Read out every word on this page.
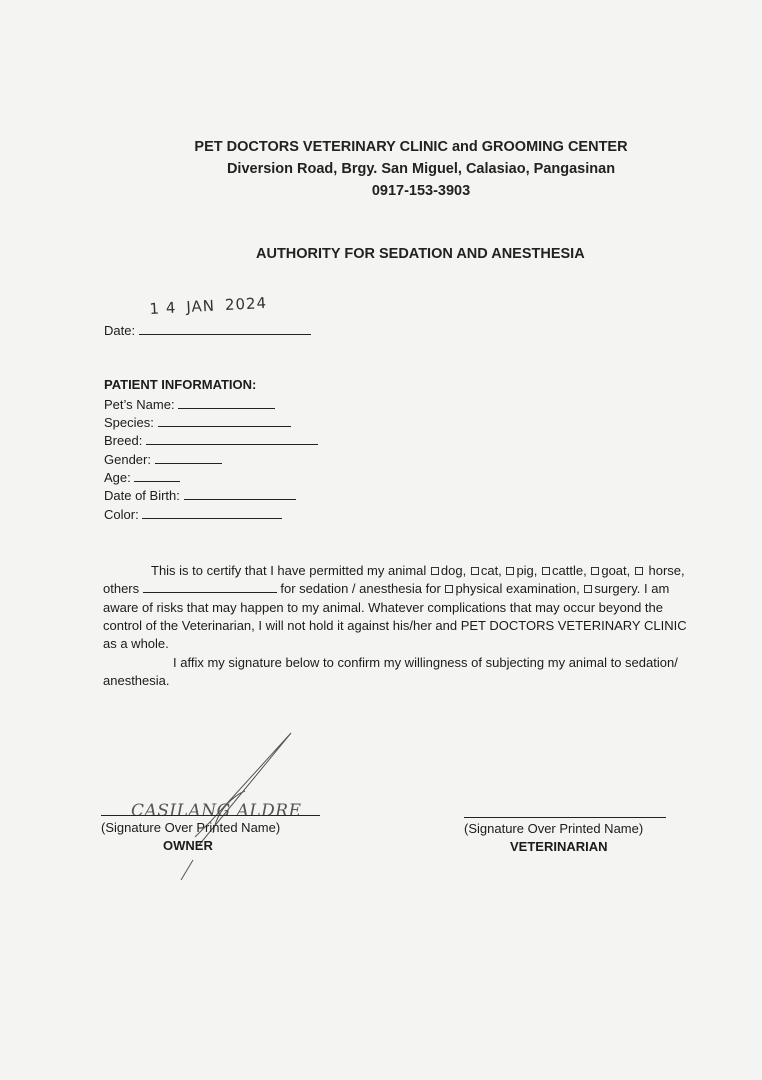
PET DOCTORS VETERINARY CLINIC and GROOMING CENTER
Diversion Road, Brgy. San Miguel, Calasiao, Pangasinan
0917-153-3903
AUTHORITY FOR SEDATION AND ANESTHESIA
1 4 JAN 2024
Date:
PATIENT INFORMATION:
Pet’s Name:
Species:
Breed:
Gender:
Age:
Date of Birth:
Color:
This is to certify that I have permitted my animal dog, cat, pig, cattle, goat, horse, others	for sedation / anesthesia for physical examination, surgery. I am aware of risks that may happen to my animal. Whatever complications that may occur beyond the control of the Veterinarian, I will not hold it against his/her and PET DOCTORS VETERINARY CLINIC as a whole.
I affix my signature below to confirm my willingness of subjecting my animal to sedation/ anesthesia.
CASILANG ALDRE
(Signature Over Printed Name)
OWNER
(Signature Over Printed Name)
VETERINARIAN
